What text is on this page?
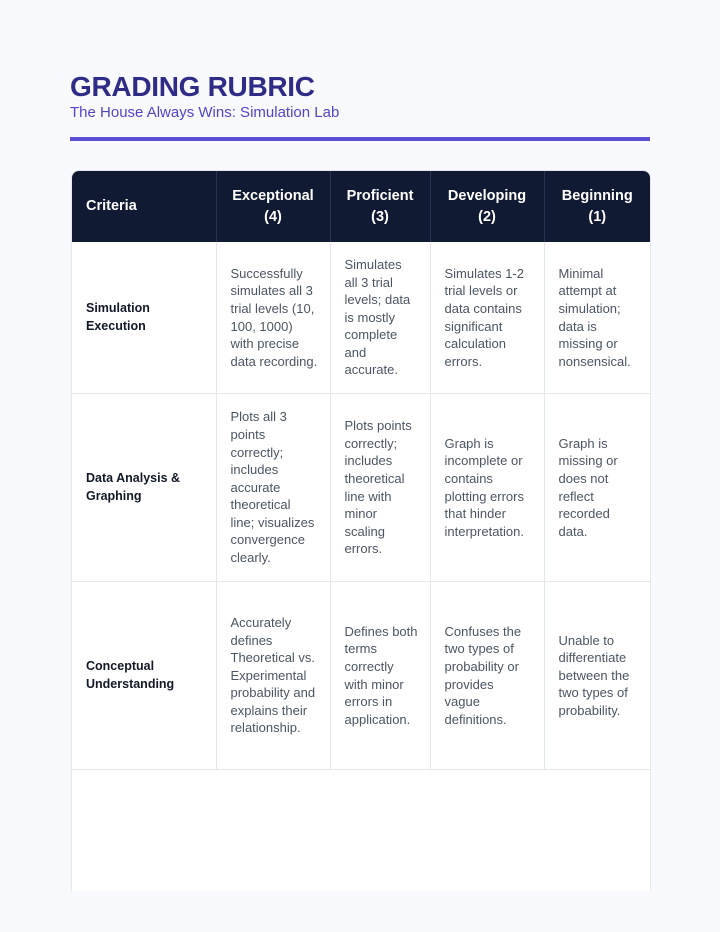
GRADING RUBRIC
The House Always Wins: Simulation Lab
Criteria	Exceptional (4)	Proficient (3)	Developing (2)	Beginning (1)
Simulation Execution	Successfully simulates all 3 trial levels (10, 100, 1000) with precise data recording.	Simulates all 3 trial levels; data is mostly complete and accurate.	Simulates 1-2 trial levels or data contains significant calculation errors.	Minimal attempt at simulation; data is missing or nonsensical.
Data Analysis & Graphing	Plots all 3 points correctly; includes accurate theoretical line; visualizes convergence clearly.	Plots points correctly; includes theoretical line with minor scaling errors.	Graph is incomplete or contains plotting errors that hinder interpretation.	Graph is missing or does not reflect recorded data.
Conceptual Understanding	Accurately defines Theoretical vs. Experimental probability and explains their relationship.	Defines both terms correctly with minor errors in application.	Confuses the two types of probability or provides vague definitions.	Unable to differentiate between the two types of probability.
